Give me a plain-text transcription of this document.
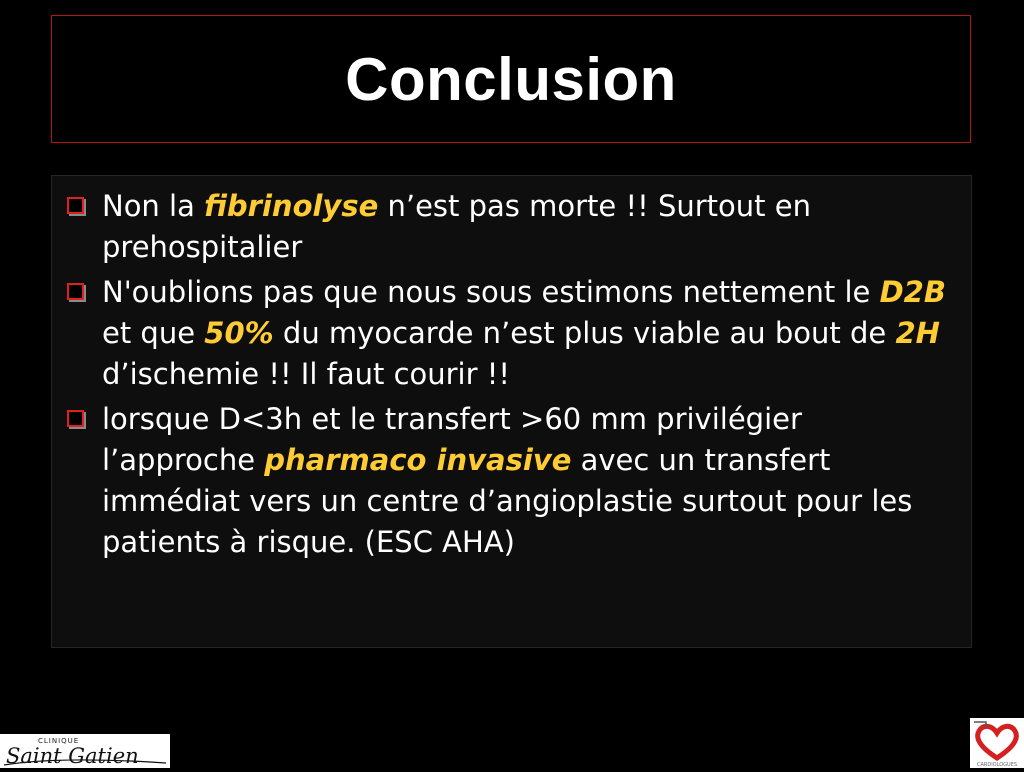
Conclusion
Non la fibrinolyse n’est pas morte !! Surtout en prehospitalier
N'oublions pas que nous sous estimons nettement le D2B et que 50% du myocarde n’est plus viable au bout de 2H d’ischemie !! Il faut courir !!
lorsque D<3h et le transfert >60 mm privilégier l’approche pharmaco invasive avec un transfert immédiat vers un centre d’angioplastie surtout pour les patients à risque. (ESC AHA)
CLINIQUE
Saint Gatien	CARDIOLOGUES
